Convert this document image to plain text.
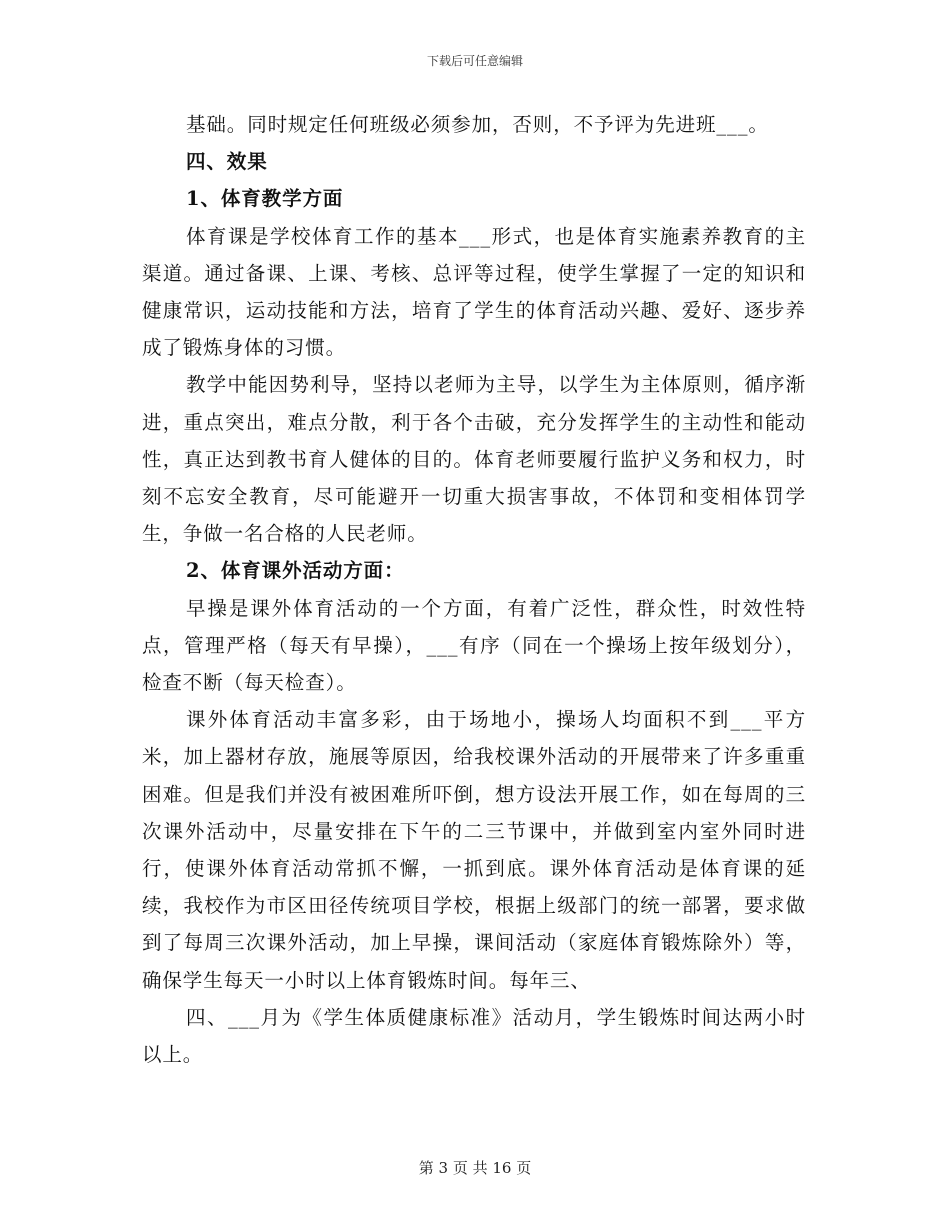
下载后可任意编辑

基础。同时规定任何班级必须参加，否则，不予评为先进班___。

四、效果

1、体育教学方面

体育课是学校体育工作的基本___形式，也是体育实施素养教育的主渠道。通过备课、上课、考核、总评等过程，使学生掌握了一定的知识和健康常识，运动技能和方法，培育了学生的体育活动兴趣、爱好、逐步养成了锻炼身体的习惯。

教学中能因势利导，坚持以老师为主导，以学生为主体原则，循序渐进，重点突出，难点分散，利于各个击破，充分发挥学生的主动性和能动性，真正达到教书育人健体的目的。体育老师要履行监护义务和权力，时刻不忘安全教育，尽可能避开一切重大损害事故，不体罚和变相体罚学生，争做一名合格的人民老师。

2、体育课外活动方面：

早操是课外体育活动的一个方面，有着广泛性，群众性，时效性特点，管理严格（每天有早操），___有序（同在一个操场上按年级划分），检查不断（每天检查）。

课外体育活动丰富多彩，由于场地小，操场人均面积不到___平方米，加上器材存放，施展等原因，给我校课外活动的开展带来了许多重重困难。但是我们并没有被困难所吓倒，想方设法开展工作，如在每周的三次课外活动中，尽量安排在下午的二三节课中，并做到室内室外同时进行，使课外体育活动常抓不懈，一抓到底。课外体育活动是体育课的延续，我校作为市区田径传统项目学校，根据上级部门的统一部署，要求做到了每周三次课外活动，加上早操，课间活动（家庭体育锻炼除外）等，确保学生每天一小时以上体育锻炼时间。每年三、

四、___月为《学生体质健康标准》活动月，学生锻炼时间达两小时以上。

第 3 页 共 16 页
